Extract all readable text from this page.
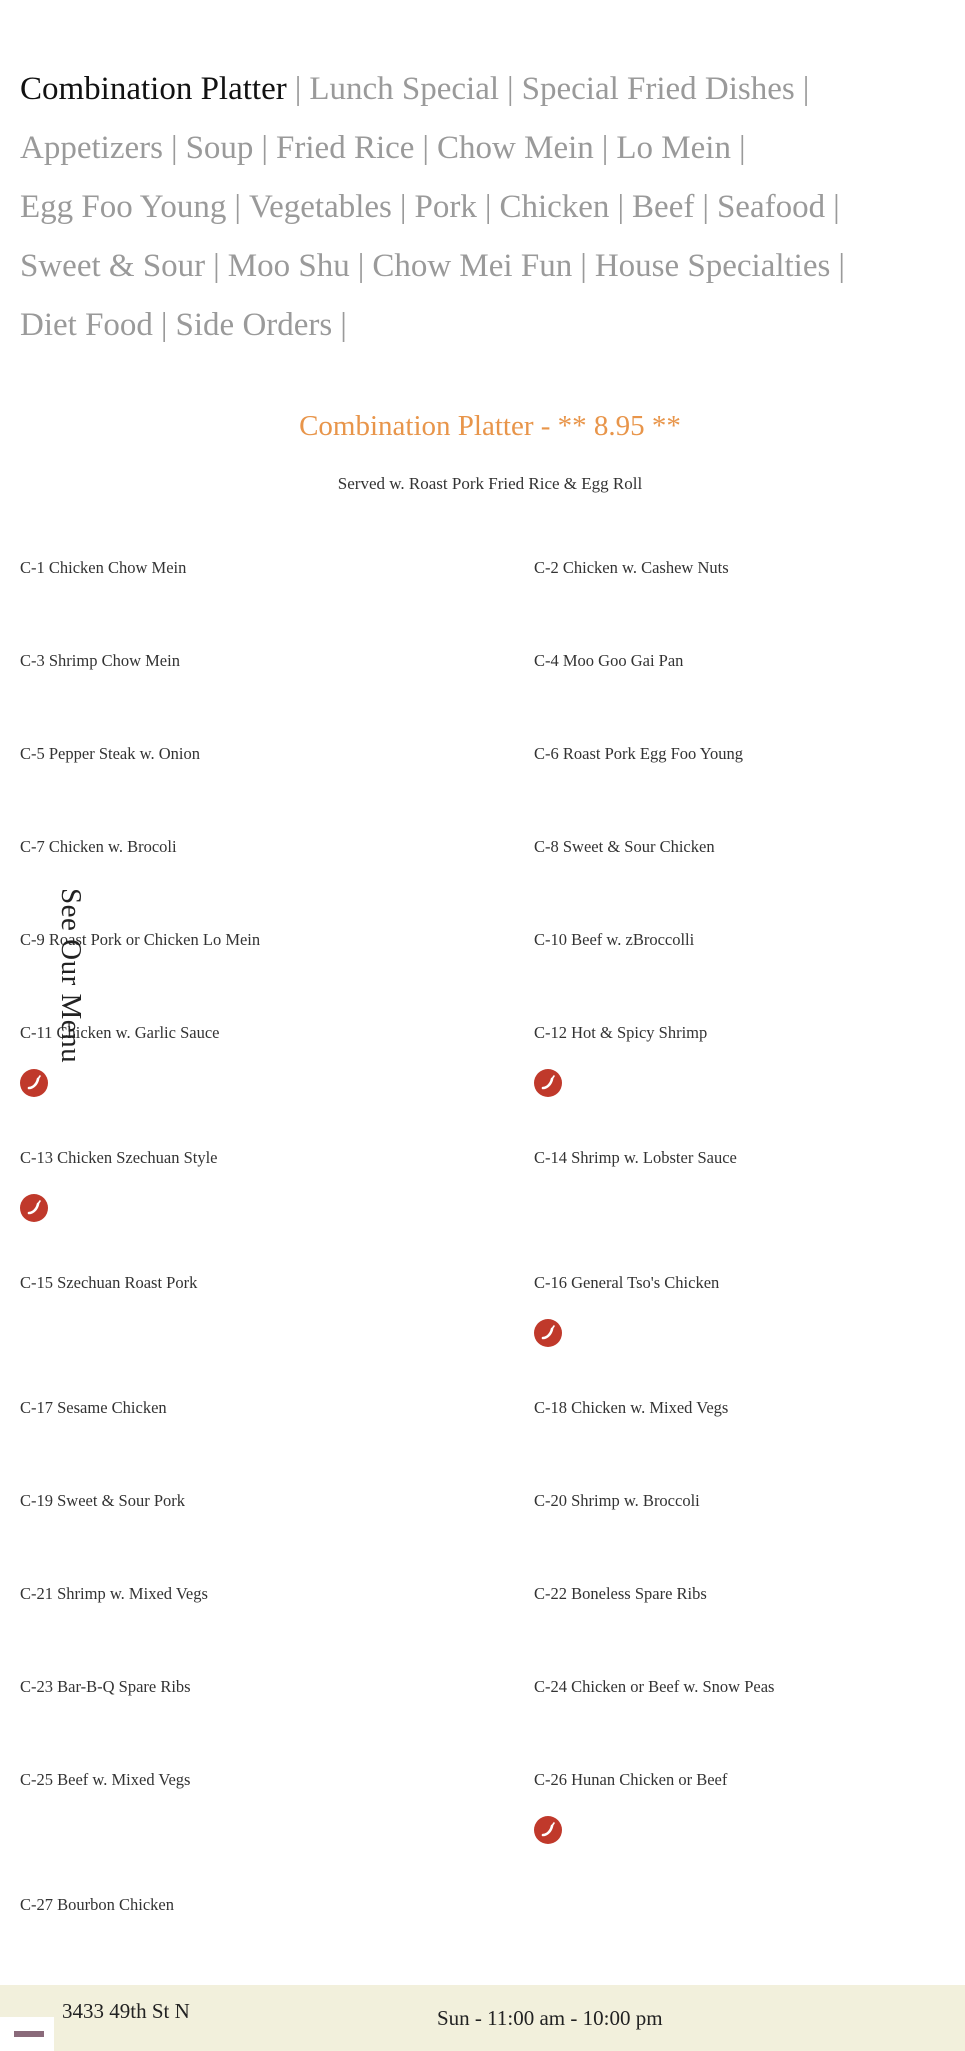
Combination Platter | Lunch Special | Special Fried Dishes |
Appetizers | Soup | Fried Rice | Chow Mein | Lo Mein |
Egg Foo Young | Vegetables | Pork | Chicken | Beef | Seafood |
Sweet & Sour | Moo Shu | Chow Mei Fun | House Specialties |
Diet Food | Side Orders |
Combination Platter - ** 8.95 **
Served w. Roast Pork Fried Rice & Egg Roll
C-1 Chicken Chow Mein	C-2 Chicken w. Cashew Nuts
C-3 Shrimp Chow Mein	C-4 Moo Goo Gai Pan
C-5 Pepper Steak w. Onion	C-6 Roast Pork Egg Foo Young
C-7 Chicken w. Brocoli	C-8 Sweet & Sour Chicken
C-9 Roast Pork or Chicken Lo Mein	C-10 Beef w. zBroccolli
C-11 Chicken w. Garlic Sauce	C-12 Hot & Spicy Shrimp
C-13 Chicken Szechuan Style	C-14 Shrimp w. Lobster Sauce
C-15 Szechuan Roast Pork	C-16 General Tso's Chicken
C-17 Sesame Chicken	C-18 Chicken w. Mixed Vegs
C-19 Sweet & Sour Pork	C-20 Shrimp w. Broccoli
C-21 Shrimp w. Mixed Vegs	C-22 Boneless Spare Ribs
C-23 Bar-B-Q Spare Ribs	C-24 Chicken or Beef w. Snow Peas
C-25 Beef w. Mixed Vegs	C-26 Hunan Chicken or Beef
C-27 Bourbon Chicken
See Our Menu
3433 49th St N	Sun - 11:00 am - 10:00 pm
